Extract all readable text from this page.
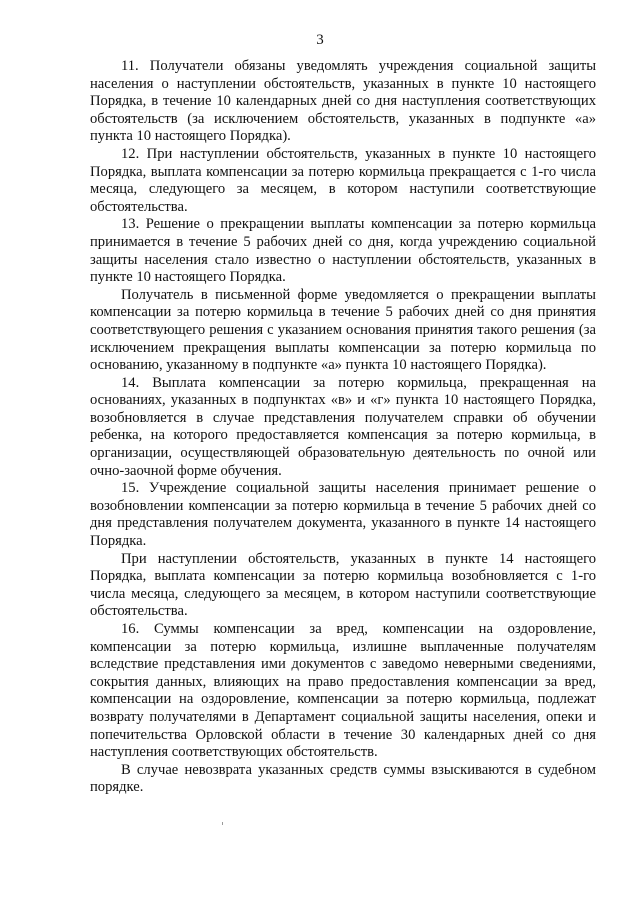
3

11. Получатели обязаны уведомлять учреждения социальной защиты населения о наступлении обстоятельств, указанных в пункте 10 настоящего Порядка, в течение 10 календарных дней со дня наступления соответствующих обстоятельств (за исключением обстоятельств, указанных в подпункте «а» пункта 10 настоящего Порядка).

12. При наступлении обстоятельств, указанных в пункте 10 настоящего Порядка, выплата компенсации за потерю кормильца прекращается с 1-го числа месяца, следующего за месяцем, в котором наступили соответствующие обстоятельства.

13. Решение о прекращении выплаты компенсации за потерю кормильца принимается в течение 5 рабочих дней со дня, когда учреждению социальной защиты населения стало известно о наступлении обстоятельств, указанных в пункте 10 настоящего Порядка.

Получатель в письменной форме уведомляется о прекращении выплаты компенсации за потерю кормильца в течение 5 рабочих дней со дня принятия соответствующего решения с указанием основания принятия такого решения (за исключением прекращения выплаты компенсации за потерю кормильца по основанию, указанному в подпункте «а» пункта 10 настоящего Порядка).

14. Выплата компенсации за потерю кормильца, прекращенная на основаниях, указанных в подпунктах «в» и «г» пункта 10 настоящего Порядка, возобновляется в случае представления получателем справки об обучении ребенка, на которого предоставляется компенсация за потерю кормильца, в организации, осуществляющей образовательную деятельность по очной или очно-заочной форме обучения.

15. Учреждение социальной защиты населения принимает решение о возобновлении компенсации за потерю кормильца в течение 5 рабочих дней со дня представления получателем документа, указанного в пункте 14 настоящего Порядка.

При наступлении обстоятельств, указанных в пункте 14 настоящего Порядка, выплата компенсации за потерю кормильца возобновляется с 1-го числа месяца, следующего за месяцем, в котором наступили соответствующие обстоятельства.

16. Суммы компенсации за вред, компенсации на оздоровление, компенсации за потерю кормильца, излишне выплаченные получателям вследствие представления ими документов с заведомо неверными сведениями, сокрытия данных, влияющих на право предоставления компенсации за вред, компенсации на оздоровление, компенсации за потерю кормильца, подлежат возврату получателями в Департамент социальной защиты населения, опеки и попечительства Орловской области в течение 30 календарных дней со дня наступления соответствующих обстоятельств.

В случае невозврата указанных средств суммы взыскиваются в судебном порядке.
